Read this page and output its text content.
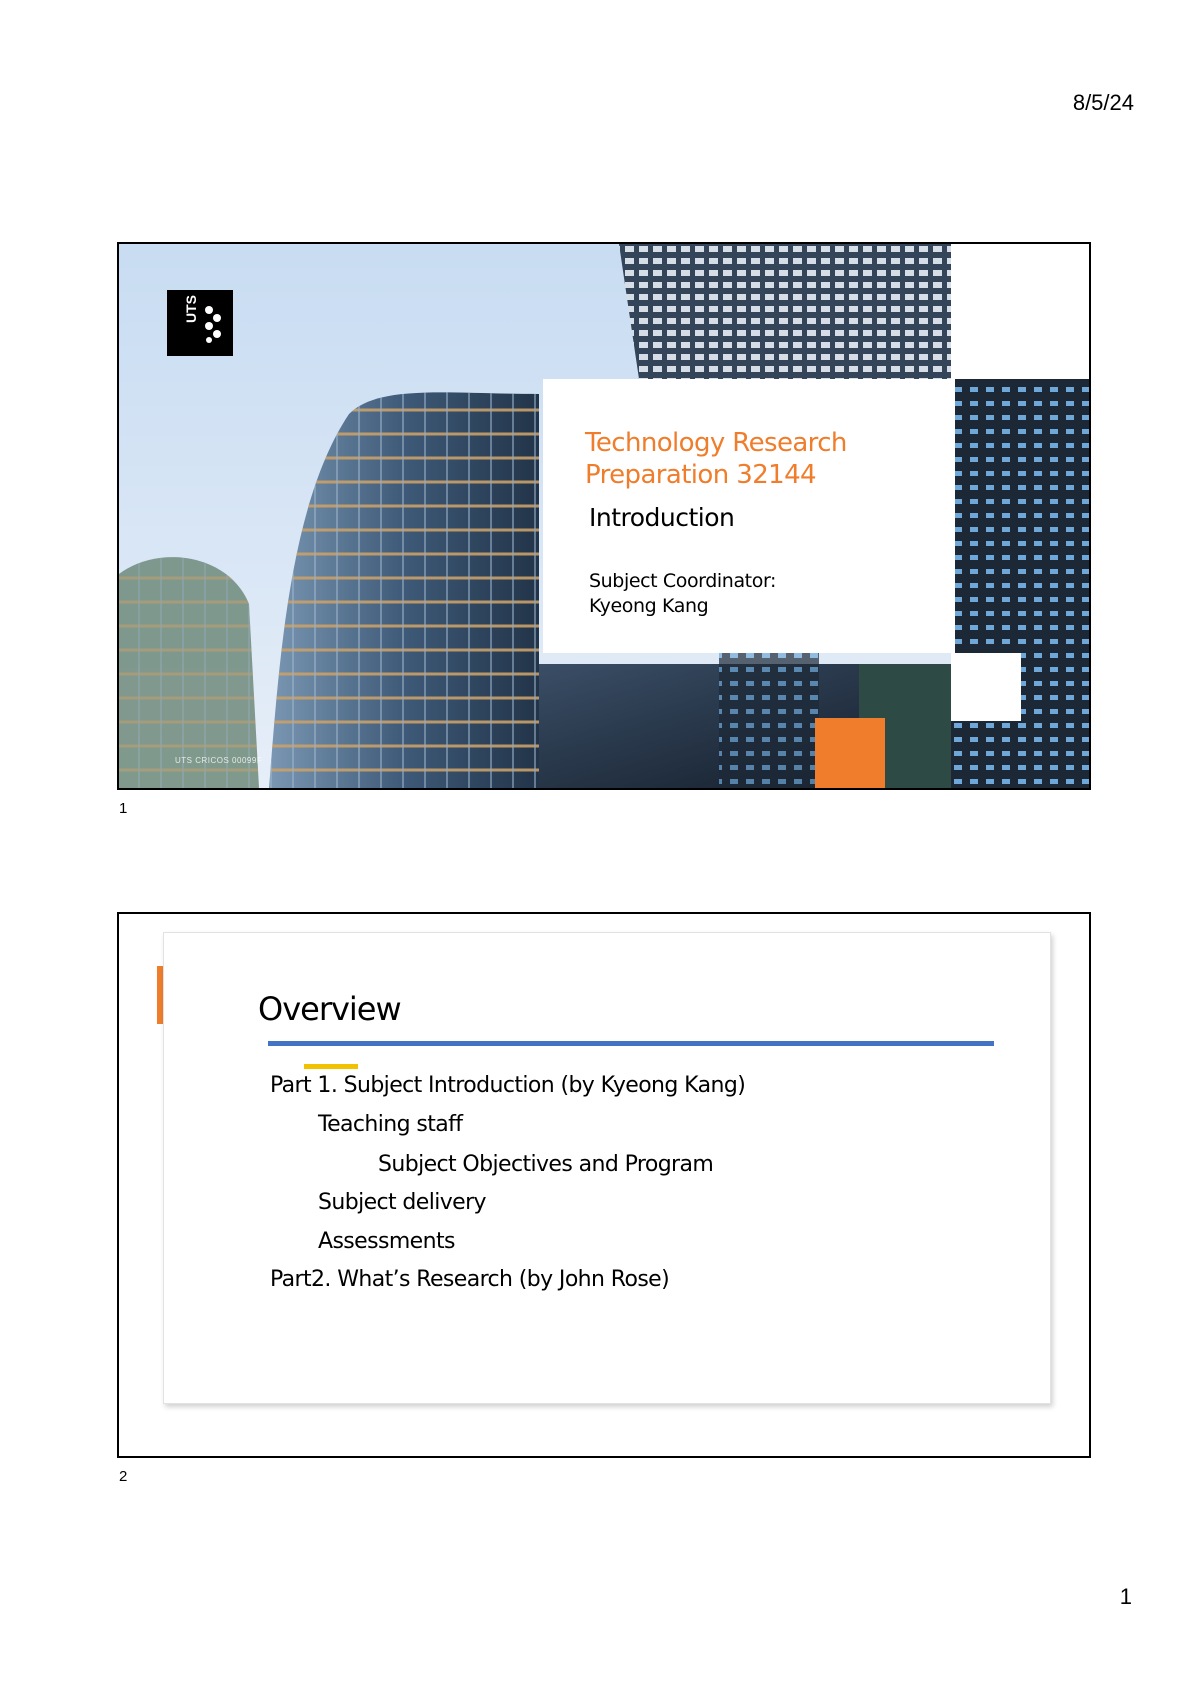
8/5/24
UTS
Technology Research Preparation 32144
Introduction
Subject Coordinator:
Kyeong Kang
UTS CRICOS 00099F
1
Overview
Part 1. Subject Introduction (by Kyeong Kang)
Teaching staff
Subject Objectives and Program
Subject delivery
Assessments
Part2. What’s Research (by John Rose)
2
1
